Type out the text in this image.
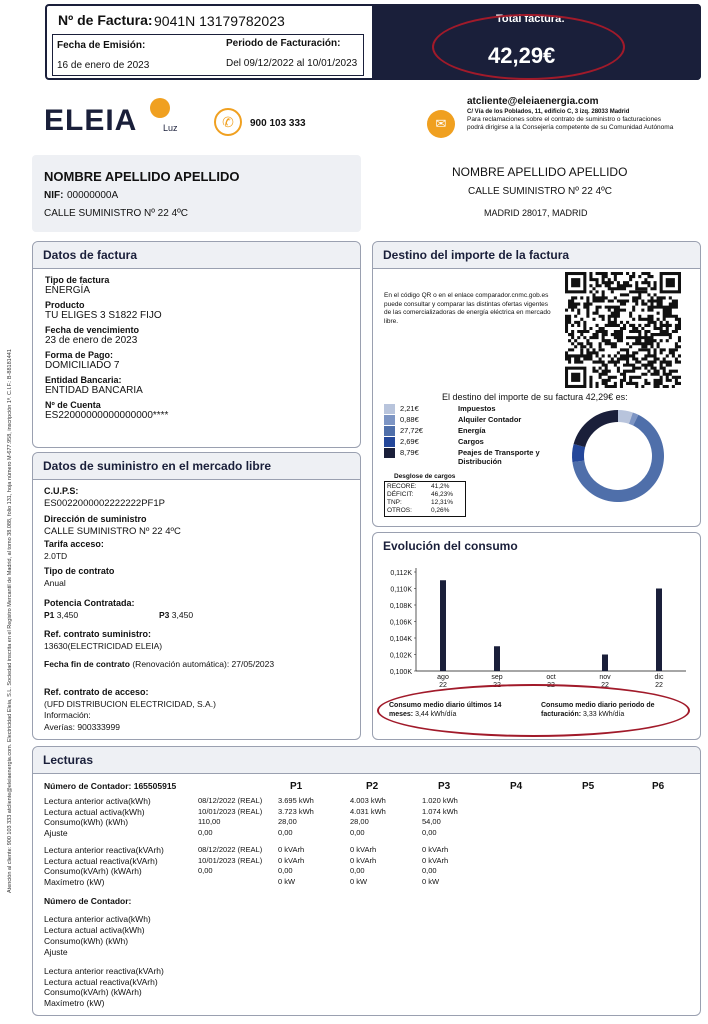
Atención al cliente: 900 103 333 atcliente@eleiaenergia.com. Electricidad Eleia, S.L. Sociedad inscrita en el Registro Mercantil de Madrid, al tomo 38.088, folio 131, hoja número M-677.958, inscripción 1ª. C.I.F.: B-88181441
Nº de Factura: 9041N 13179782023
Fecha de Emisión:
16 de enero de 2023
Periodo de Facturación:
Del 09/12/2022 al 10/01/2023
Total factura:
42,29€
ELEIA	Luz	✆	900 103 333	✉
atcliente@eleiaenergia.com
C/ Vía de los Poblados, 11, edificio C, 3 izq. 28033 Madrid
Para reclamaciones sobre el contrato de suministro o facturaciones podrá dirigirse a la Consejería competente de su Comunidad Autónoma
NOMBRE APELLIDO APELLIDO
NIF: 00000000A
CALLE SUMINISTRO Nº 22 4ºC
NOMBRE APELLIDO APELLIDO
CALLE SUMINISTRO Nº 22 4ºC
MADRID 28017, MADRID
Datos de factura
Tipo de factura
ENERGÍA
Producto
TU ELIGES 3 S1822 FIJO
Fecha de vencimiento
23 de enero de 2023
Forma de Pago:
DOMICILIADO 7
Entidad Bancaria:
ENTIDAD BANCARIA
Nº de Cuenta
ES22000000000000000****
Destino del importe de la factura
En el código QR o en el enlace comparador.cnmc.gob.es puede consultar y comparar las distintas ofertas vigentes de las comercializadoras de energía eléctrica en mercado libre.
El destino del importe de su factura 42,29€ es:
2,21€	Impuestos
0,88€	Alquiler Contador
27,72€	Energía
2,69€	Cargos
8,79€	Peajes de Transporte y Distribución
Desglose de cargos
RECORE: 41,2%
DÉFICIT:	46,23%
TNP:	12,31%
OTROS:	0,26%
Datos de suministro en el mercado libre
C.U.P.S:
ES0022000002222222PF1P
Dirección de suministro
CALLE SUMINISTRO Nº 22 4ºC
Tarifa acceso:
2.0TD
Tipo de contrato
Anual
Potencia Contratada:
P1 3,450	P3 3,450
Ref. contrato suministro:
13630(ELECTRICIDAD ELEIA)
Fecha fin de contrato (Renovación automática): 27/05/2023
Ref. contrato de acceso:
(UFD DISTRIBUCION ELECTRICIDAD, S.A.)
Información:
Averías: 900333999
Evolución del consumo
0,112K
0,110K
0,108K
0,106K
0,104K
0,102K
0,100K
ago
22
sep
22
oct
22
nov
22
dic
22
Consumo medio diario últimos 14 meses: 3,44 kWh/día
Consumo medio diario periodo de facturación: 3,33 kWh/día
Lecturas
Número de Contador: 165505915
Número de Contador:
P1	P2	P3	P4	P5	P6
Lectura anterior activa(kWh)	08/12/2022 (REAL) 3.695 kWh	4.003 kWh	1.020 kWh
Lectura actual activa(kWh)	10/01/2023 (REAL) 3.723 kWh	4.031 kWh	1.074 kWh
Consumo(kWh) (kWh)	110,00	28,00	28,00	54,00
Ajuste	0,00	0,00	0,00	0,00
Lectura anterior reactiva(kVArh)	08/12/2022 (REAL) 0 kVArh	0 kVArh	0 kVArh
Lectura actual reactiva(kVArh)	10/01/2023 (REAL) 0 kVArh	0 kVArh	0 kVArh
Consumo(kVArh) (kWArh)	0,00	0,00	0,00	0,00
Maxímetro (kW)	0 kW	0 kW	0 kW
Lectura anterior activa(kWh)
Lectura actual activa(kWh)
Consumo(kWh) (kWh)
Ajuste
Lectura anterior reactiva(kVArh)
Lectura actual reactiva(kVArh)
Consumo(kVArh) (kWArh)
Maxímetro (kW)
